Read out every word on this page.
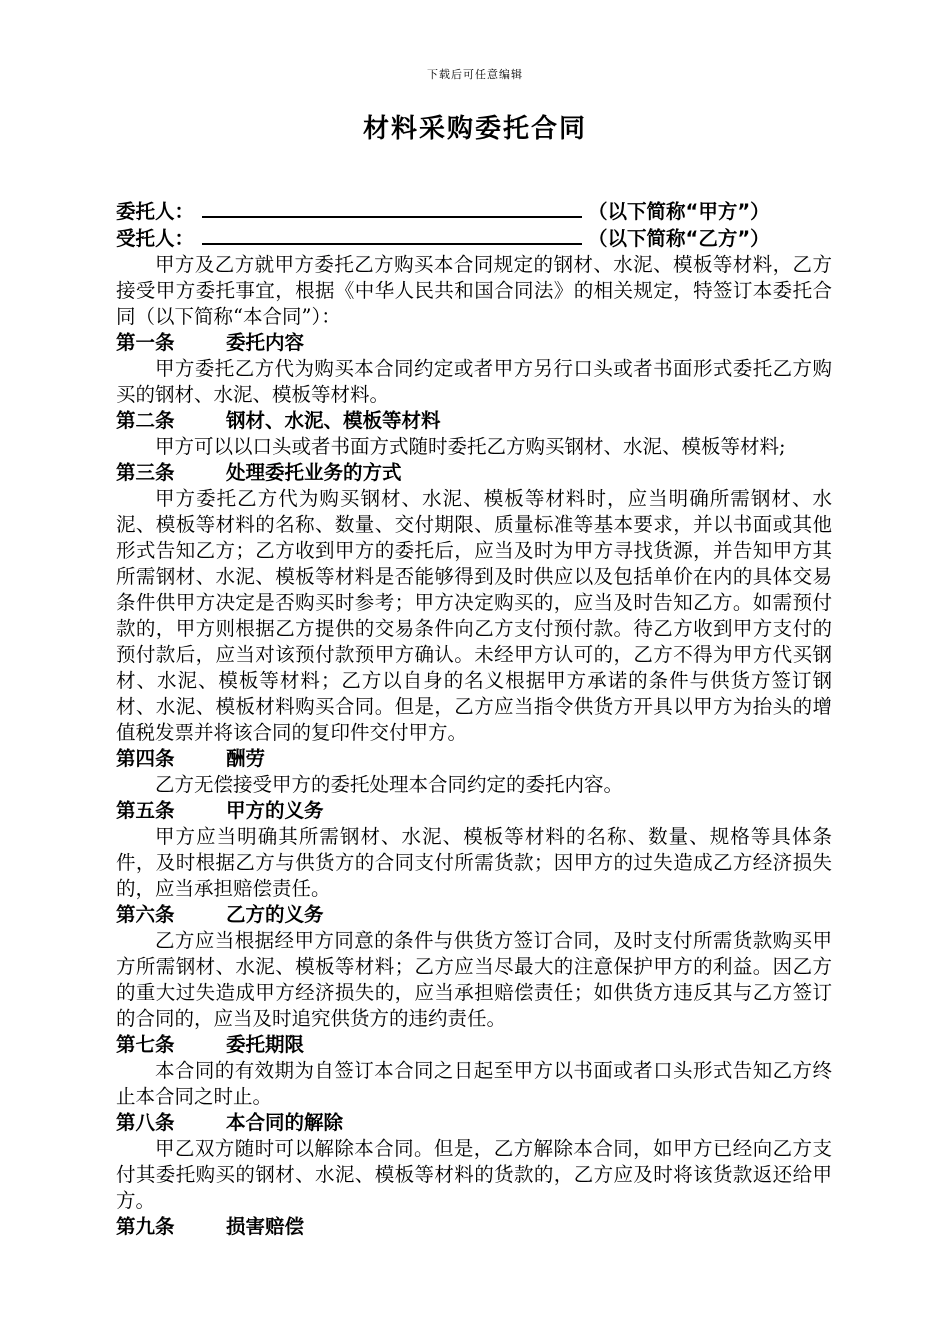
下载后可任意编辑
材料采购委托合同
委托人：	（以下简称“甲方”）
受托人：	（以下简称“乙方”）

甲方及乙方就甲方委托乙方购买本合同规定的钢材、水泥、模板等材料，乙方接受甲方委托事宜，根据《中华人民共和国合同法》的相关规定，特签订本委托合同（以下简称“本合同”）：

第一条	委托内容

甲方委托乙方代为购买本合同约定或者甲方另行口头或者书面形式委托乙方购买的钢材、水泥、模板等材料。

第二条	钢材、水泥、模板等材料

甲方可以以口头或者书面方式随时委托乙方购买钢材、水泥、模板等材料;

第三条	处理委托业务的方式

甲方委托乙方代为购买钢材、水泥、模板等材料时，应当明确所需钢材、水泥、模板等材料的名称、数量、交付期限、质量标准等基本要求，并以书面或其他形式告知乙方；乙方收到甲方的委托后，应当及时为甲方寻找货源，并告知甲方其所需钢材、水泥、模板等材料是否能够得到及时供应以及包括单价在内的具体交易条件供甲方决定是否购买时参考；甲方决定购买的，应当及时告知乙方。如需预付款的，甲方则根据乙方提供的交易条件向乙方支付预付款。待乙方收到甲方支付的预付款后，应当对该预付款预甲方确认。未经甲方认可的，乙方不得为甲方代买钢材、水泥、模板等材料；乙方以自身的名义根据甲方承诺的条件与供货方签订钢材、水泥、模板材料购买合同。但是，乙方应当指令供货方开具以甲方为抬头的增值税发票并将该合同的复印件交付甲方。

第四条	酬劳

乙方无偿接受甲方的委托处理本合同约定的委托内容。

第五条	甲方的义务

甲方应当明确其所需钢材、水泥、模板等材料的名称、数量、规格等具体条件，及时根据乙方与供货方的合同支付所需货款；因甲方的过失造成乙方经济损失的，应当承担赔偿责任。

第六条	乙方的义务

乙方应当根据经甲方同意的条件与供货方签订合同，及时支付所需货款购买甲方所需钢材、水泥、模板等材料；乙方应当尽最大的注意保护甲方的利益。因乙方的重大过失造成甲方经济损失的，应当承担赔偿责任；如供货方违反其与乙方签订的合同的，应当及时追究供货方的违约责任。

第七条	委托期限

本合同的有效期为自签订本合同之日起至甲方以书面或者口头形式告知乙方终止本合同之时止。

第八条	本合同的解除

甲乙双方随时可以解除本合同。但是，乙方解除本合同，如甲方已经向乙方支付其委托购买的钢材、水泥、模板等材料的货款的，乙方应及时将该货款返还给甲方。

第九条	损害赔偿
